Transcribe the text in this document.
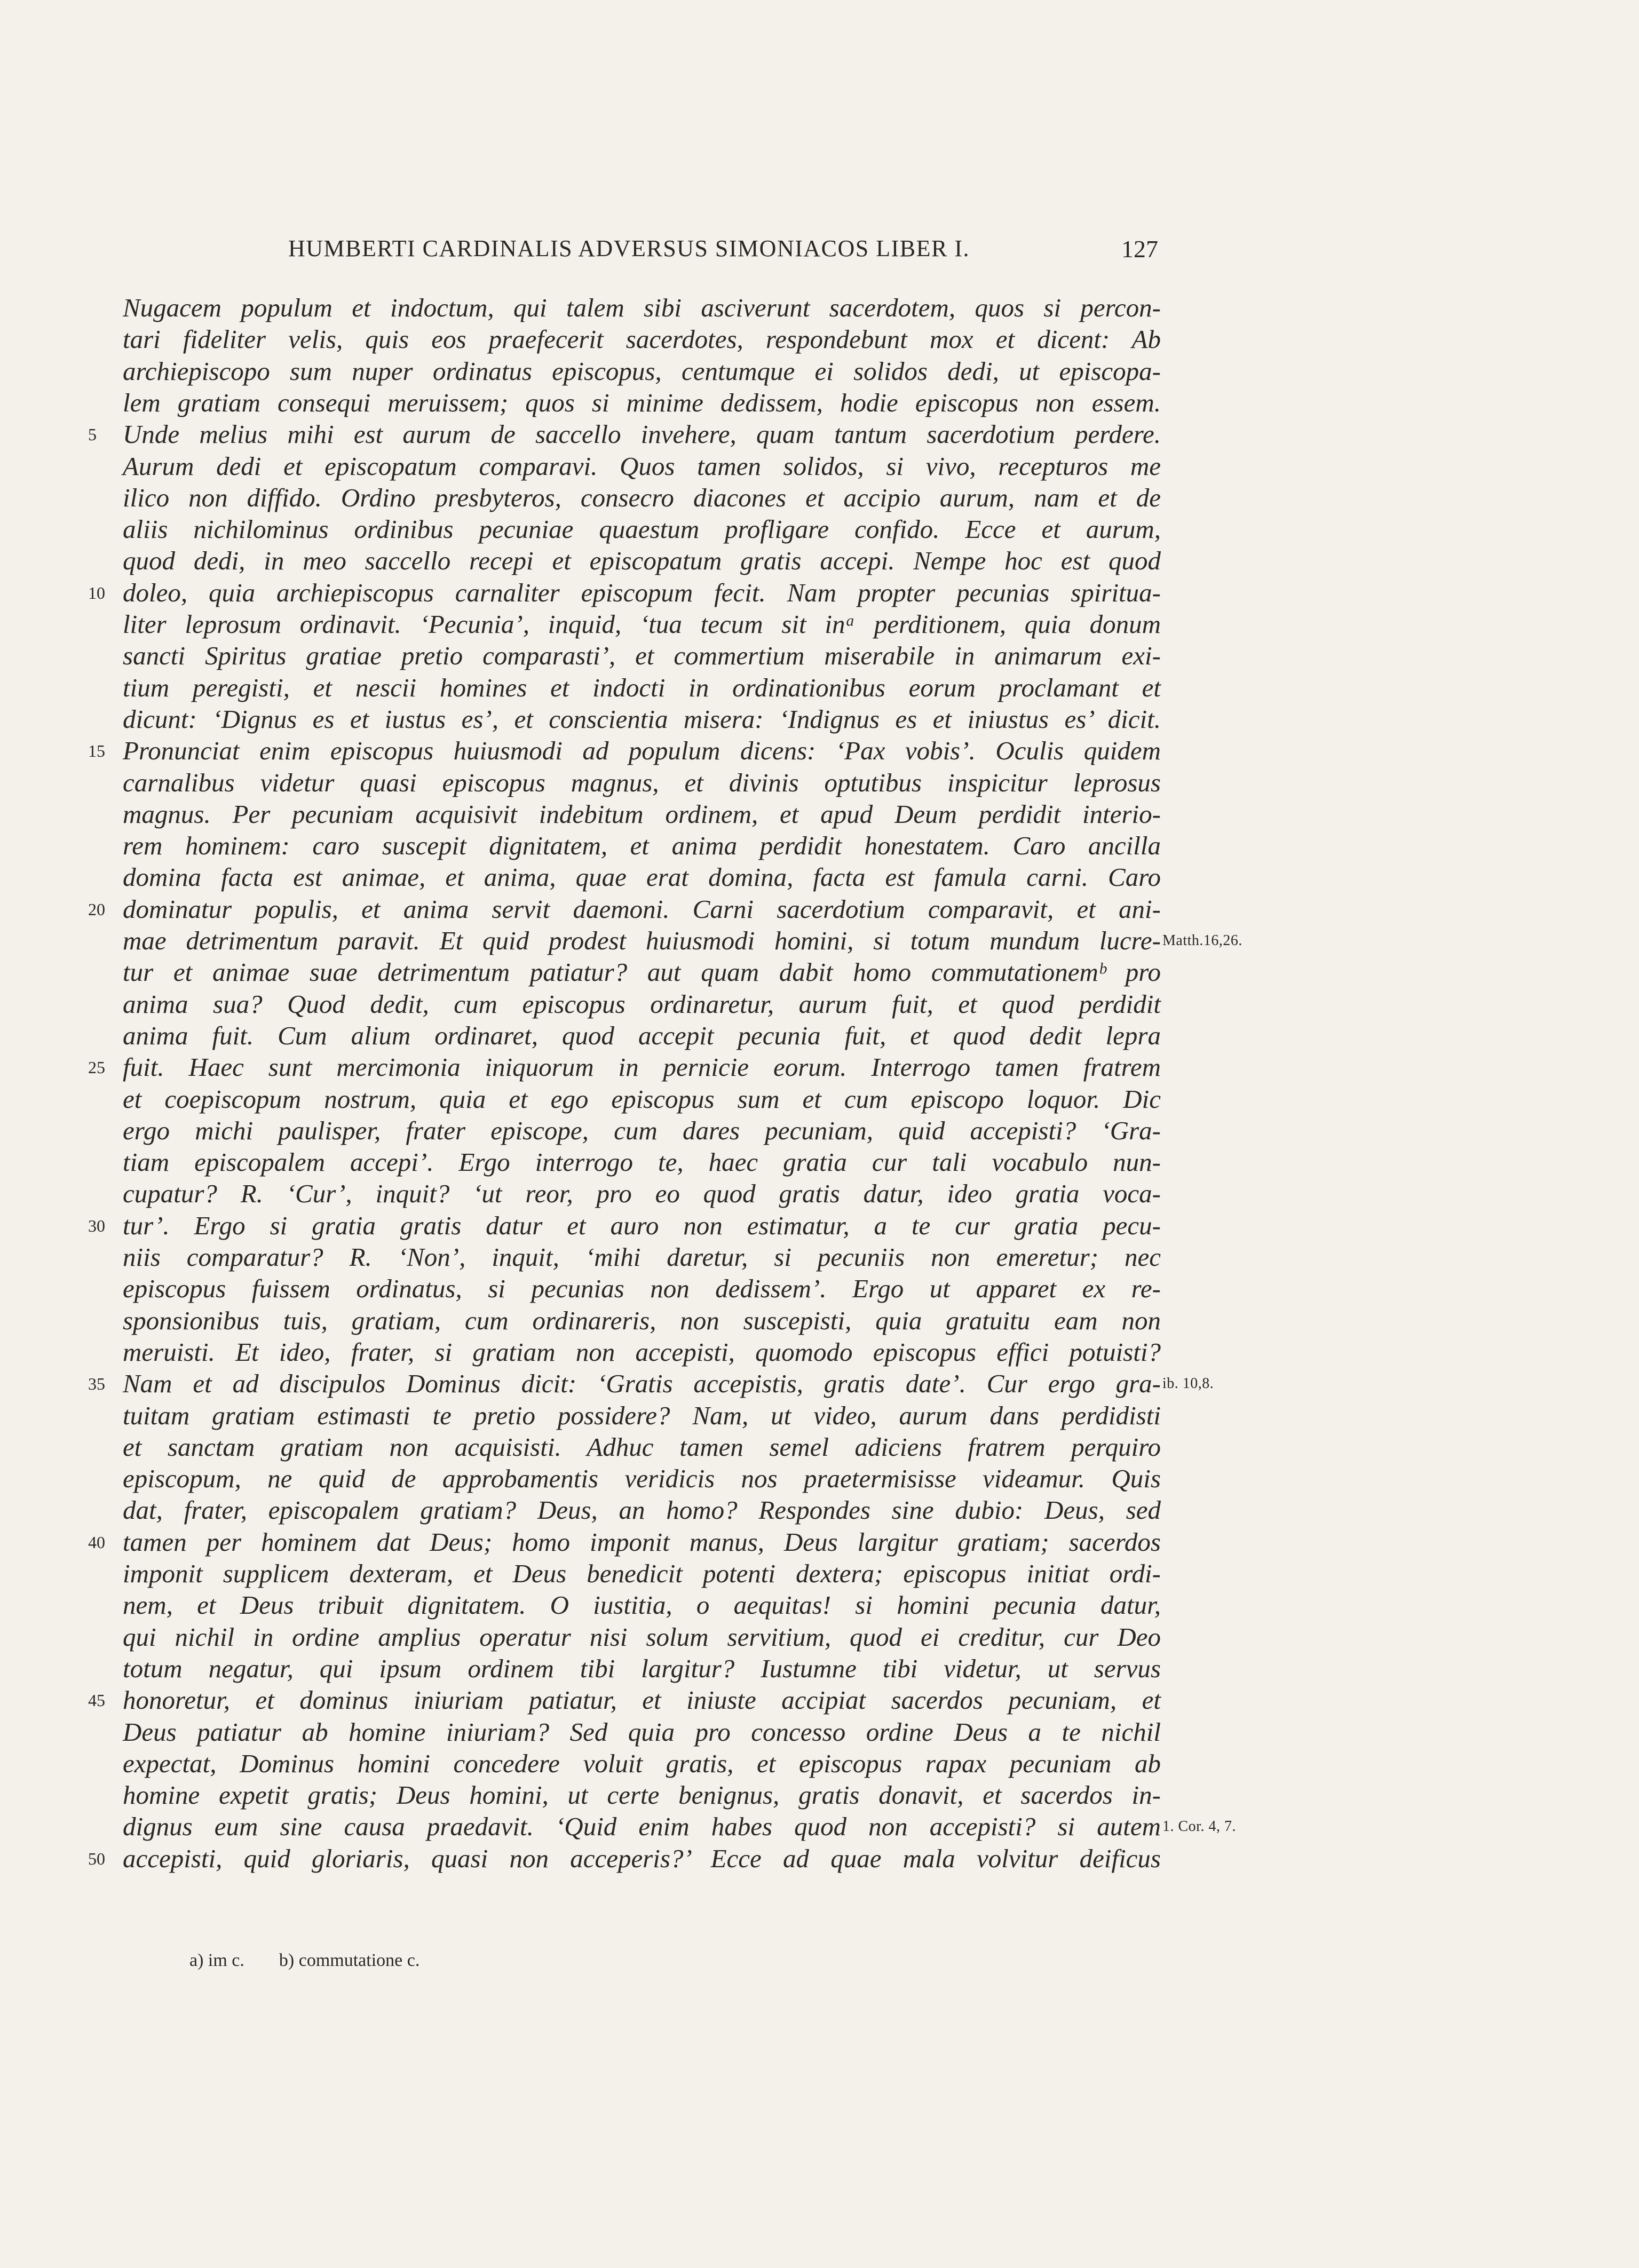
HUMBERTI CARDINALIS ADVERSUS SIMONIACOS LIBER I.	127
Nugacem populum et indoctum, qui talem sibi asciverunt sacerdotem, quos si percon-
tari fideliter velis, quis eos praefecerit sacerdotes, respondebunt mox et dicent: Ab
archiepiscopo sum nuper ordinatus episcopus, centumque ei solidos dedi, ut episcopa-
lem gratiam consequi meruissem; quos si minime dedissem, hodie episcopus non essem.
Unde melius mihi est aurum de saccello invehere, quam tantum sacerdotium perdere.
5
Aurum dedi et episcopatum comparavi. Quos tamen solidos, si vivo, recepturos me
ilico non diffido. Ordino presbyteros, consecro diacones et accipio aurum, nam et de
aliis nichilominus ordinibus pecuniae quaestum profligare confido. Ecce et aurum,
quod dedi, in meo saccello recepi et episcopatum gratis accepi. Nempe hoc est quod
doleo, quia archiepiscopus carnaliter episcopum fecit. Nam propter pecunias spiritua-
10
liter leprosum ordinavit. ‘Pecunia’, inquid, ‘tua tecum sit inᵃ perditionem, quia donum
sancti Spiritus gratiae pretio comparasti’, et commertium miserabile in animarum exi-
tium peregisti, et nescii homines et indocti in ordinationibus eorum proclamant et
dicunt: ‘Dignus es et iustus es’, et conscientia misera: ‘Indignus es et iniustus es’ dicit.
Pronunciat enim episcopus huiusmodi ad populum dicens: ‘Pax vobis’. Oculis quidem
15
carnalibus videtur quasi episcopus magnus, et divinis optutibus inspicitur leprosus
magnus. Per pecuniam acquisivit indebitum ordinem, et apud Deum perdidit interio-
rem hominem: caro suscepit dignitatem, et anima perdidit honestatem. Caro ancilla
domina facta est animae, et anima, quae erat domina, facta est famula carni. Caro
dominatur populis, et anima servit daemoni. Carni sacerdotium comparavit, et ani-
20
mae detrimentum paravit. Et quid prodest huiusmodi homini, si totum mundum lucre- Matth.16,26.
tur et animae suae detrimentum patiatur? aut quam dabit homo commutationemᵇ pro
anima sua? Quod dedit, cum episcopus ordinaretur, aurum fuit, et quod perdidit
anima fuit. Cum alium ordinaret, quod accepit pecunia fuit, et quod dedit lepra
fuit. Haec sunt mercimonia iniquorum in pernicie eorum. Interrogo tamen fratrem
25
et coepiscopum nostrum, quia et ego episcopus sum et cum episcopo loquor. Dic
ergo michi paulisper, frater episcope, cum dares pecuniam, quid accepisti? ‘Gra-
tiam episcopalem accepi’. Ergo interrogo te, haec gratia cur tali vocabulo nun-
cupatur? R. ‘Cur’, inquit? ‘ut reor, pro eo quod gratis datur, ideo gratia voca-
tur’. Ergo si gratia gratis datur et auro non estimatur, a te cur gratia pecu-
30
niis comparatur? R. ‘Non’, inquit, ‘mihi daretur, si pecuniis non emeretur; nec
episcopus fuissem ordinatus, si pecunias non dedissem’. Ergo ut apparet ex re-
sponsionibus tuis, gratiam, cum ordinareris, non suscepisti, quia gratuitu eam non
meruisti. Et ideo, frater, si gratiam non accepisti, quomodo episcopus effici potuisti?
Nam et ad discipulos Dominus dicit: ‘Gratis accepistis, gratis date’. Cur ergo gra-
35	ib. 10,8.
tuitam gratiam estimasti te pretio possidere? Nam, ut video, aurum dans perdidisti
et sanctam gratiam non acquisisti. Adhuc tamen semel adiciens fratrem perquiro
episcopum, ne quid de approbamentis veridicis nos praetermisisse videamur. Quis
dat, frater, episcopalem gratiam? Deus, an homo? Respondes sine dubio: Deus, sed
tamen per hominem dat Deus; homo imponit manus, Deus largitur gratiam; sacerdos
40
imponit supplicem dexteram, et Deus benedicit potenti dextera; episcopus initiat ordi-
nem, et Deus tribuit dignitatem. O iustitia, o aequitas! si homini pecunia datur,
qui nichil in ordine amplius operatur nisi solum servitium, quod ei creditur, cur Deo
totum negatur, qui ipsum ordinem tibi largitur? Iustumne tibi videtur, ut servus
honoretur, et dominus iniuriam patiatur, et iniuste accipiat sacerdos pecuniam, et
45
Deus patiatur ab homine iniuriam? Sed quia pro concesso ordine Deus a te nichil
expectat, Dominus homini concedere voluit gratis, et episcopus rapax pecuniam ab
homine expetit gratis; Deus homini, ut certe benignus, gratis donavit, et sacerdos in-
dignus eum sine causa praedavit. ‘Quid enim habes quod non accepisti? si autem 1. Cor. 4, 7.
accepisti, quid gloriaris, quasi non acceperis?’ Ecce ad quae mala volvitur deificus
50
a) im c. b) commutatione c.
